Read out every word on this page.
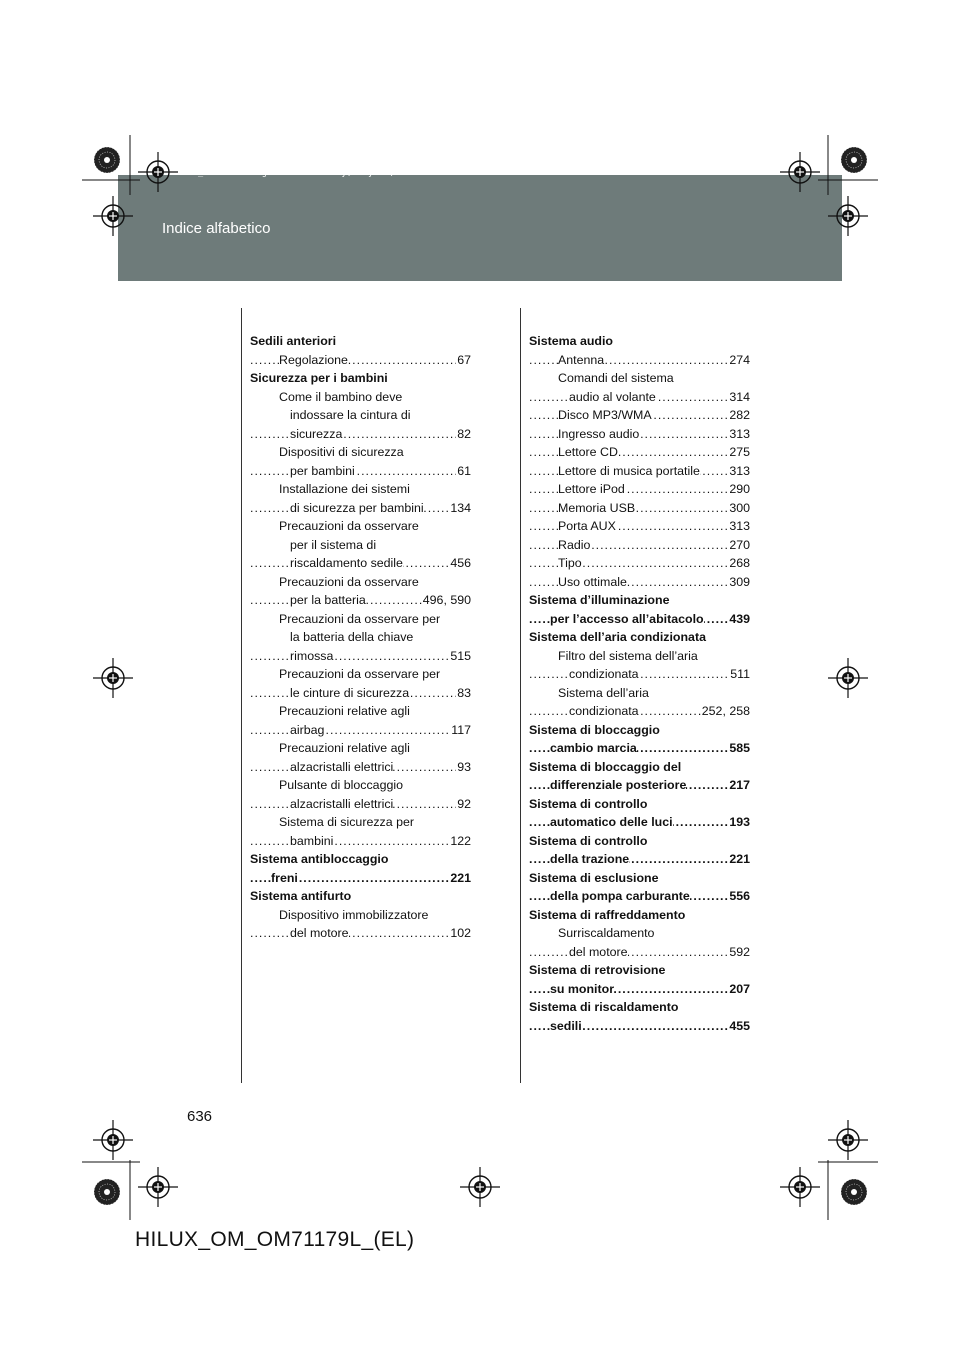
sec_08-02.fm Page 636 Wednesday, May 16, 2012 1:43 PM
Indice alfabetico
Sedili anteriori
Regolazione	67
.....
Sicurezza per i bambini
Come il bambino deve
indossare la cintura di
sicurezza	82
.....
Dispositivi di sicurezza
per bambini	61
.....
Installazione dei sistemi
di sicurezza per bambini 134
.....
Precauzioni da osservare
per il sistema di
riscaldamento sedile	456
.....
Precauzioni da osservare
per la batteria	496, 590
.....
Precauzioni da osservare per
la batteria della chiave
rimossa	515
.....
Precauzioni da osservare per
le cinture di sicurezza	83
.....
Precauzioni relative agli
airbag	117
.....
Precauzioni relative agli
alzacristalli elettrici	93
.....
Pulsante di bloccaggio
alzacristalli elettrici	92
.....
Sistema di sicurezza per
bambini	122
.....
Sistema antibloccaggio
freni	221
.....
Sistema antifurto
Dispositivo immobilizzatore
del motore	102
.....
Sistema audio
Antenna	274
.....
Comandi del sistema
audio al volante	314
.....
Disco MP3/WMA	282
.....
Ingresso audio	313
.....
Lettore CD	275
.....
Lettore di musica portatile 313
.....
Lettore iPod	290
.....
Memoria USB	300
.....
Porta AUX	313
.....
Radio	270
.....
Tipo	268
.....
Uso ottimale	309
.....
Sistema d’illuminazione
per l’accesso all’abitacolo 439
.....
Sistema dell’aria condizionata
Filtro del sistema dell’aria
condizionata	511
.....
Sistema dell’aria
condizionata	252, 258
.....
Sistema di bloccaggio
cambio marcia	585
.....
Sistema di bloccaggio del
differenziale posteriore	217
.....
Sistema di controllo
automatico delle luci	193
.....
Sistema di controllo
della trazione	221
.....
Sistema di esclusione
della pompa carburante	556
.....
Sistema di raffreddamento
Surriscaldamento
del motore	592
.....
Sistema di retrovisione
su monitor	207
.....
Sistema di riscaldamento
sedili	455
.....
636
HILUX_OM_OM71179L_(EL)
